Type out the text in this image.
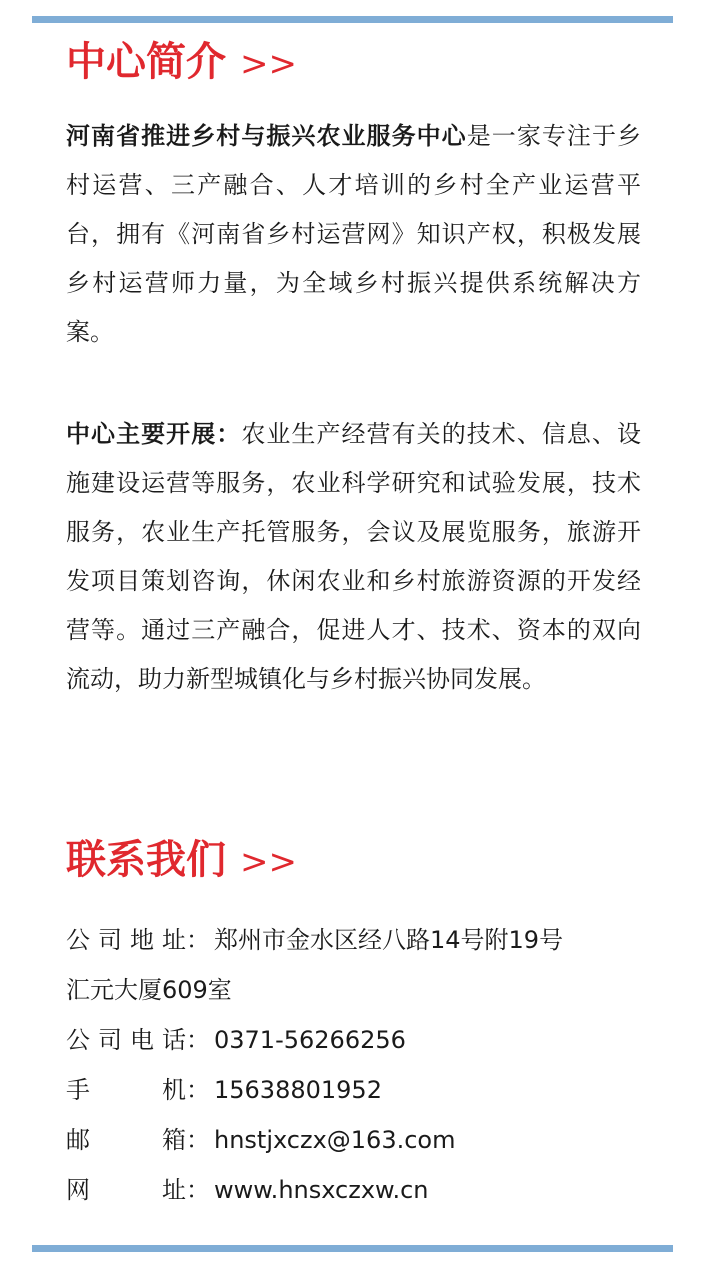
中心简介 >>

河南省推进乡村与振兴农业服务中心是一家专注于乡村运营、三产融合、人才培训的乡村全产业运营平台，拥有《河南省乡村运营网》知识产权，积极发展乡村运营师力量，为全域乡村振兴提供系统解决方案。

中心主要开展：农业生产经营有关的技术、信息、设施建设运营等服务，农业科学研究和试验发展，技术服务，农业生产托管服务，会议及展览服务，旅游开发项目策划咨询，休闲农业和乡村旅游资源的开发经营等。通过三产融合，促进人才、技术、资本的双向流动，助力新型城镇化与乡村振兴协同发展。

联系我们 >>
公司地址 ： 郑州市金水区经八路14号附19号
汇元大厦609室
公司电话 ： 0371-56266256
手机 ： 15638801952
邮箱 ： hnstjxczx@163.com
网址 ： www.hnsxczxw.cn
